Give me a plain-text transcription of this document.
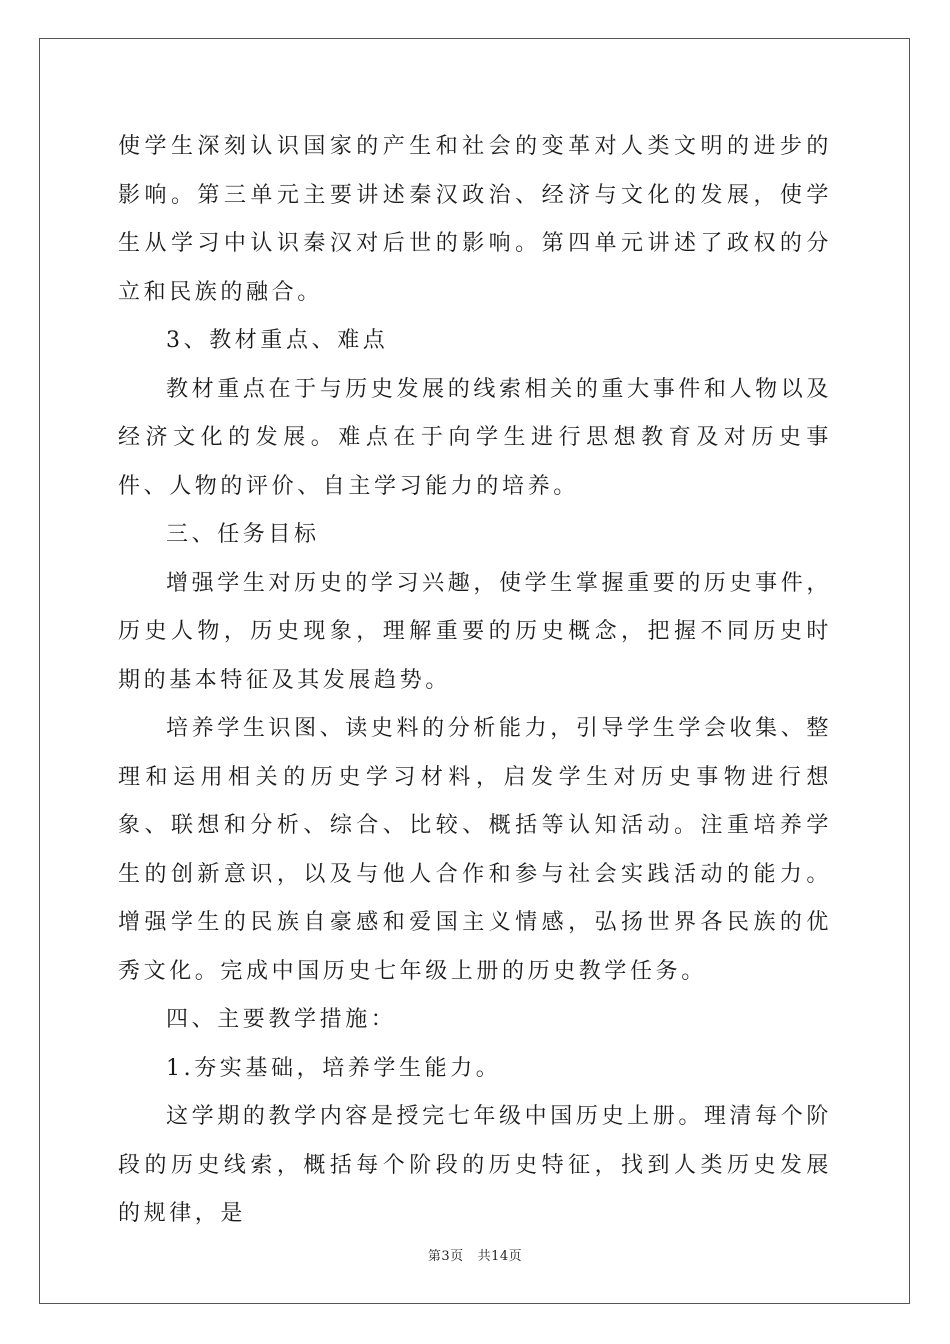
使学生深刻认识国家的产生和社会的变革对人类文明的进步的影响。第三单元主要讲述秦汉政治、经济与文化的发展，使学生从学习中认识秦汉对后世的影响。第四单元讲述了政权的分立和民族的融合。

3、教材重点、难点

教材重点在于与历史发展的线索相关的重大事件和人物以及经济文化的发展。难点在于向学生进行思想教育及对历史事件、人物的评价、自主学习能力的培养。

三、任务目标

增强学生对历史的学习兴趣，使学生掌握重要的历史事件，历史人物，历史现象，理解重要的历史概念，把握不同历史时期的基本特征及其发展趋势。

培养学生识图、读史料的分析能力，引导学生学会收集、整理和运用相关的历史学习材料，启发学生对历史事物进行想象、联想和分析、综合、比较、概括等认知活动。注重培养学生的创新意识，以及与他人合作和参与社会实践活动的能力。增强学生的民族自豪感和爱国主义情感，弘扬世界各民族的优秀文化。完成中国历史七年级上册的历史教学任务。

四、主要教学措施：

1.夯实基础，培养学生能力。

这学期的教学内容是授完七年级中国历史上册。理清每个阶段的历史线索，概括每个阶段的历史特征，找到人类历史发展的规律，是

第3页 共14页
